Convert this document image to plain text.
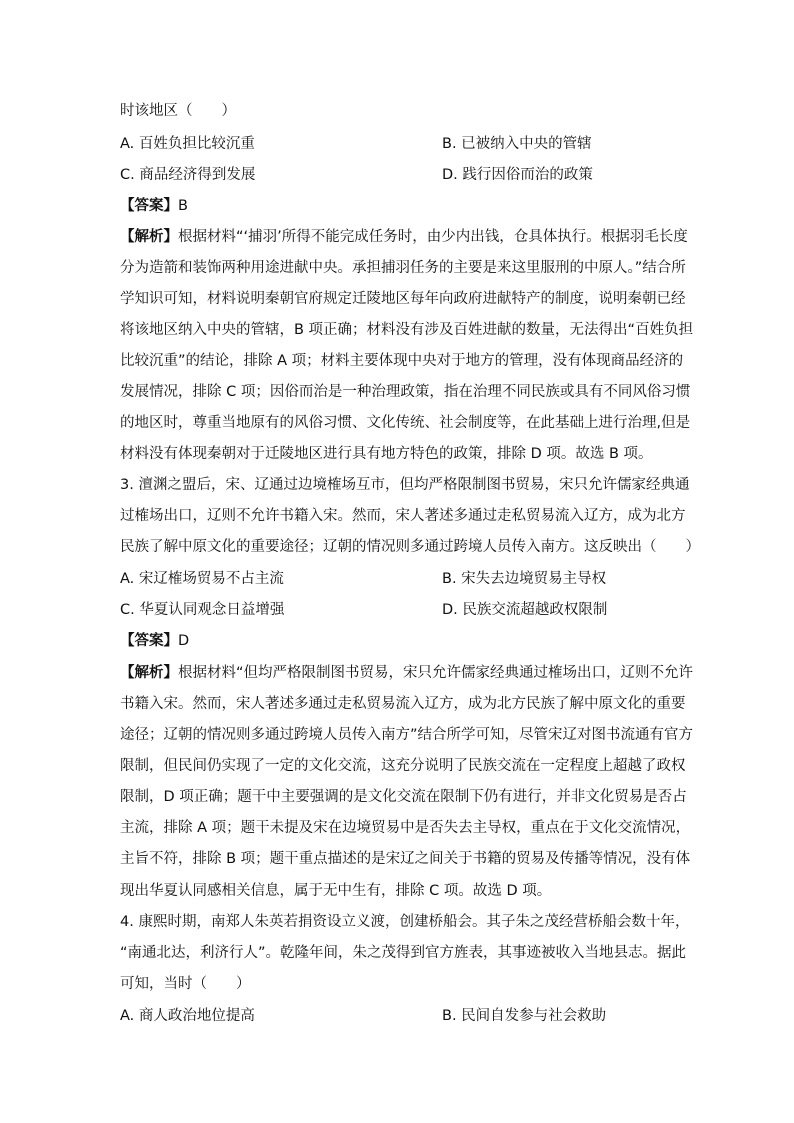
时该地区（　　）
A. 百姓负担比较沉重	B. 已被纳入中央的管辖
C. 商品经济得到发展	D. 践行因俗而治的政策
【答案】B
【解析】根据材料“‘捕羽’所得不能完成任务时，由少内出钱，仓具体执行。根据羽毛长度
分为造箭和装饰两种用途进献中央。承担捕羽任务的主要是来这里服刑的中原人。”结合所
学知识可知，材料说明秦朝官府规定迁陵地区每年向政府进献特产的制度，说明秦朝已经
将该地区纳入中央的管辖，B 项正确；材料没有涉及百姓进献的数量，无法得出“百姓负担
比较沉重”的结论，排除 A 项；材料主要体现中央对于地方的管理，没有体现商品经济的
发展情况，排除 C 项；因俗而治是一种治理政策，指在治理不同民族或具有不同风俗习惯
的地区时，尊重当地原有的风俗习惯、文化传统、社会制度等，在此基础上进行治理,但是
材料没有体现秦朝对于迁陵地区进行具有地方特色的政策，排除 D 项。故选 B 项。
3. 澶渊之盟后，宋、辽通过边境榷场互市，但均严格限制图书贸易，宋只允许儒家经典通
过榷场出口，辽则不允许书籍入宋。然而，宋人著述多通过走私贸易流入辽方，成为北方
民族了解中原文化的重要途径；辽朝的情况则多通过跨境人员传入南方。这反映出（　　）
A. 宋辽榷场贸易不占主流	B. 宋失去边境贸易主导权
C. 华夏认同观念日益增强	D. 民族交流超越政权限制
【答案】D
【解析】根据材料“但均严格限制图书贸易，宋只允许儒家经典通过榷场出口，辽则不允许
书籍入宋。然而，宋人著述多通过走私贸易流入辽方，成为北方民族了解中原文化的重要
途径；辽朝的情况则多通过跨境人员传入南方”结合所学可知，尽管宋辽对图书流通有官方
限制，但民间仍实现了一定的文化交流，这充分说明了民族交流在一定程度上超越了政权
限制，D 项正确；题干中主要强调的是文化交流在限制下仍有进行，并非文化贸易是否占
主流，排除 A 项；题干未提及宋在边境贸易中是否失去主导权，重点在于文化交流情况，
主旨不符，排除 B 项；题干重点描述的是宋辽之间关于书籍的贸易及传播等情况，没有体
现出华夏认同感相关信息，属于无中生有，排除 C 项。故选 D 项。
4. 康熙时期，南郑人朱英若捐资设立义渡，创建桥船会。其子朱之茂经营桥船会数十年，
“南通北达，利济行人”。乾隆年间，朱之茂得到官方旌表，其事迹被收入当地县志。据此
可知，当时（　　）
A. 商人政治地位提高	B. 民间自发参与社会救助
